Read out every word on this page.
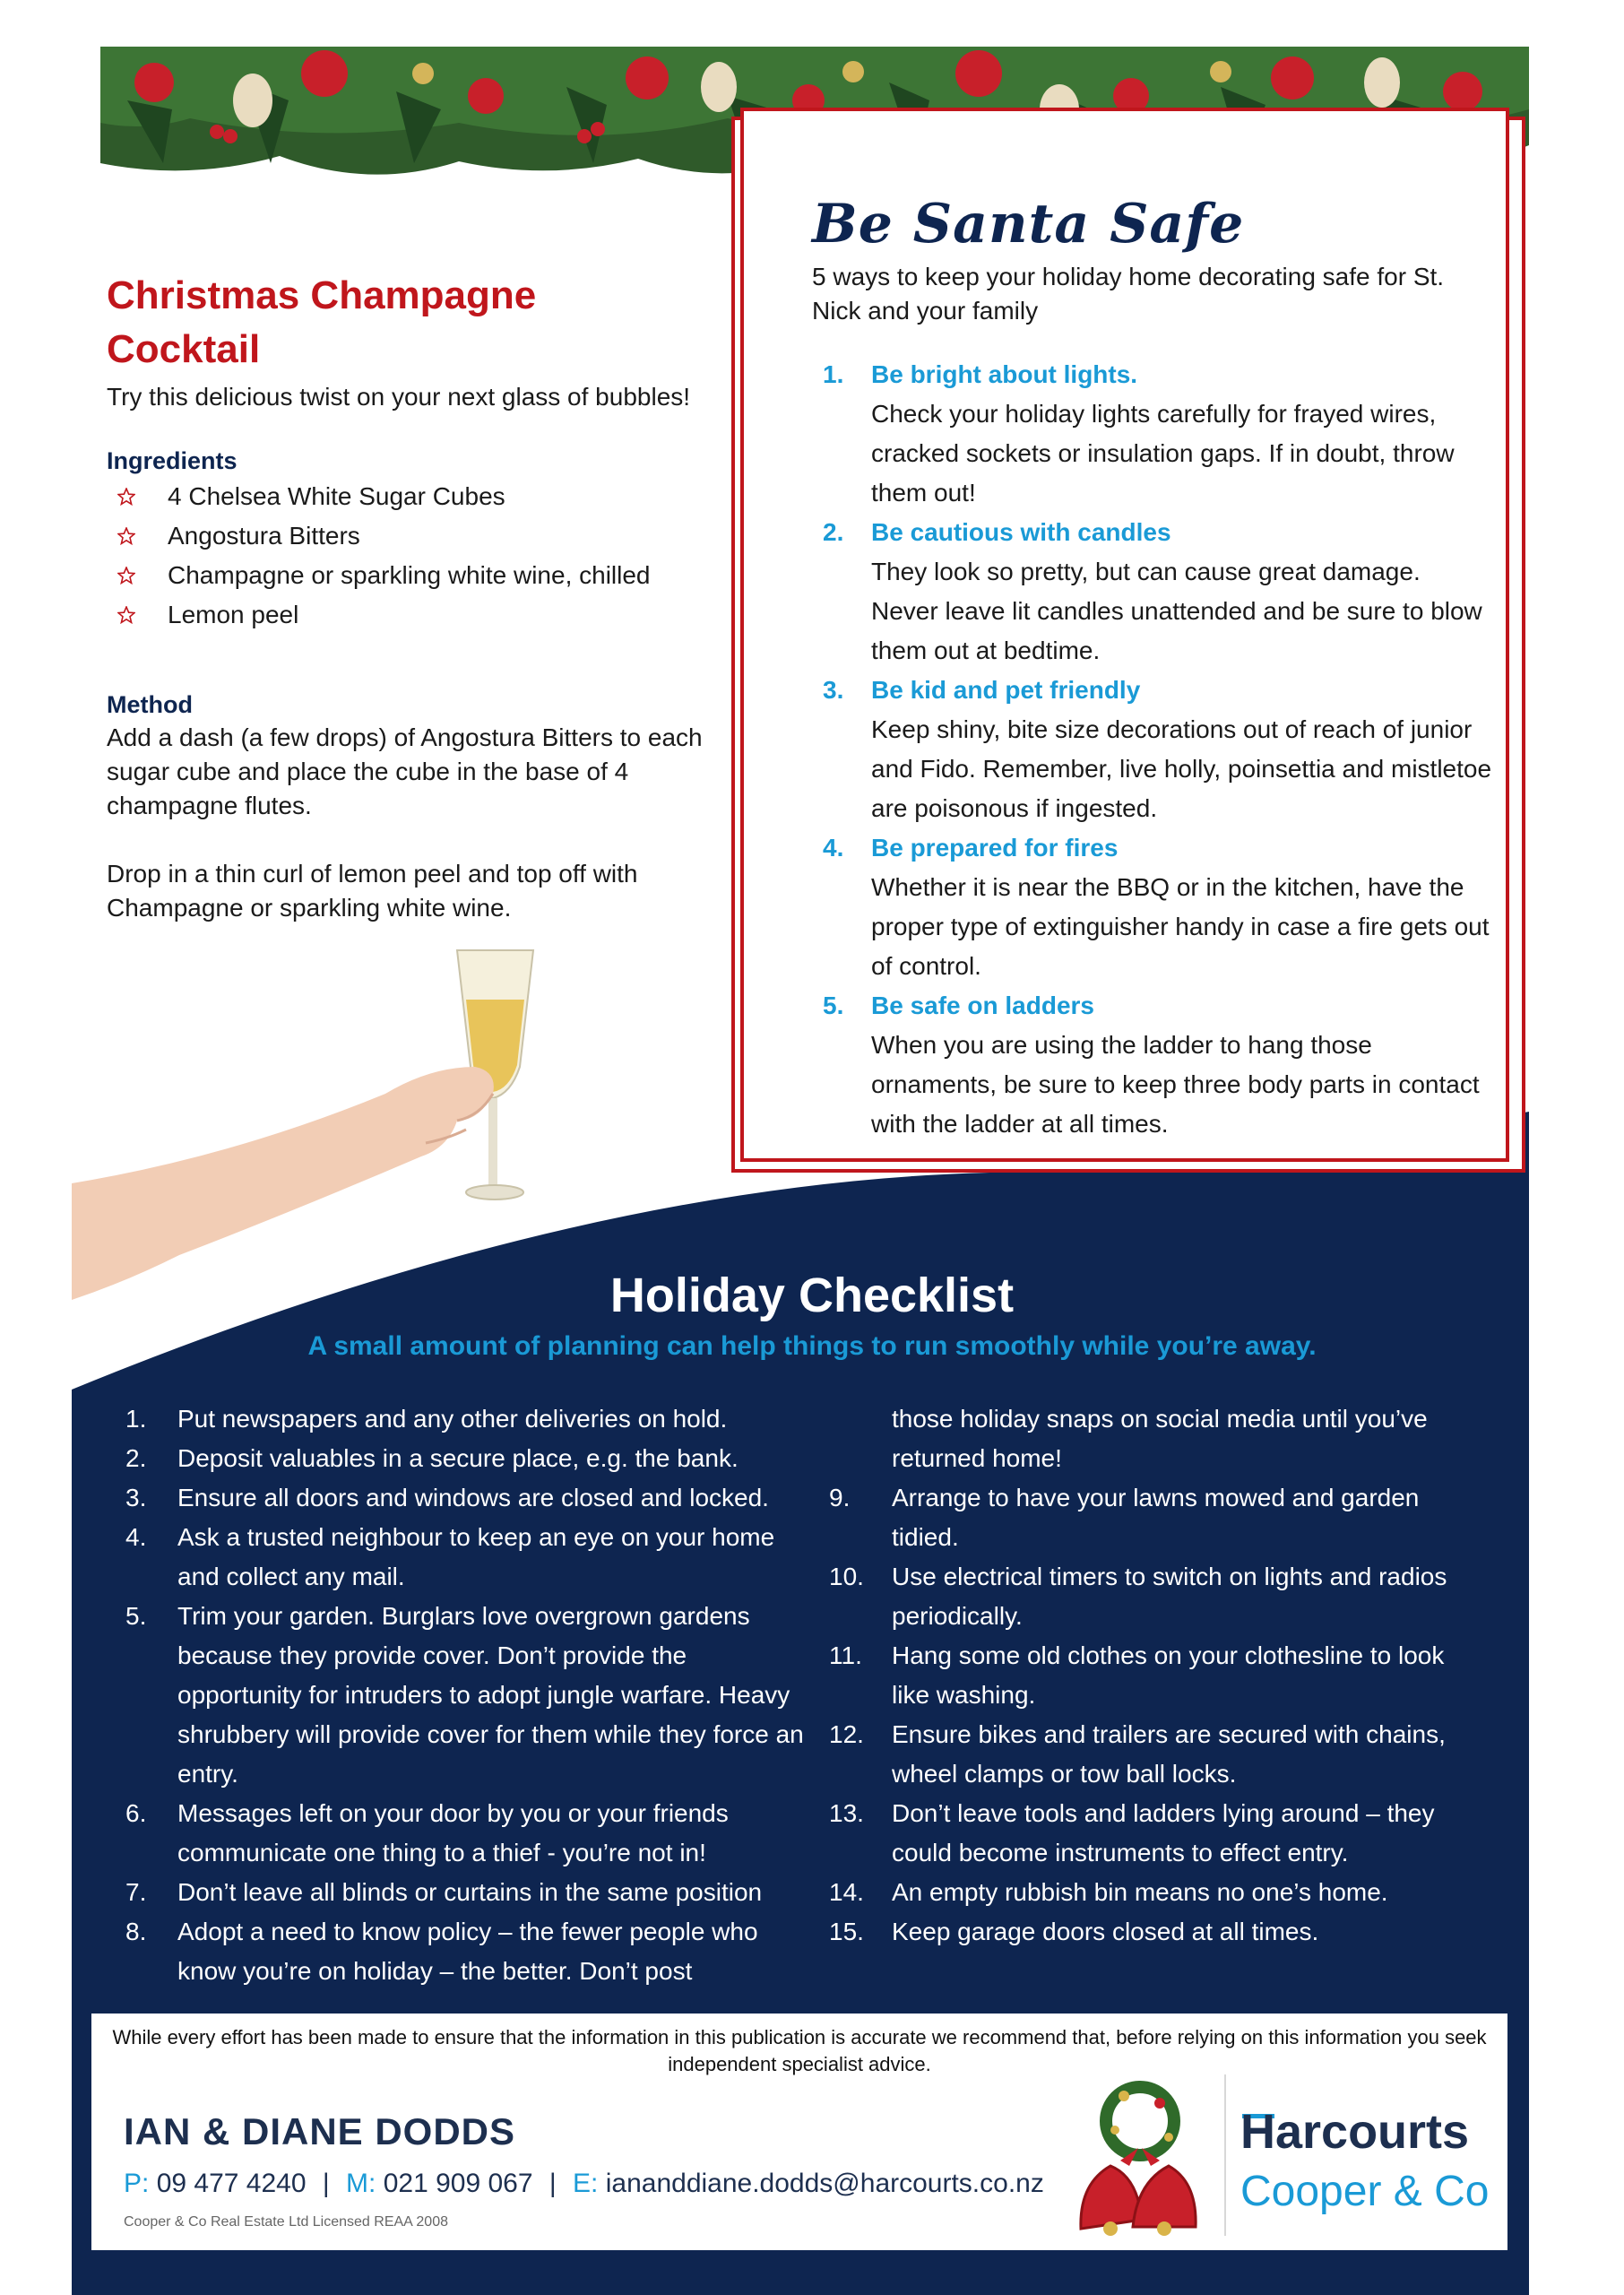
Christmas Champagne
Cocktail

Try this delicious twist on your next glass of bubbles!

Ingredients
4 Chelsea White Sugar Cubes
Angostura Bitters
Champagne or sparkling white wine, chilled
Lemon peel
Method

Add a dash (a few drops) of Angostura Bitters to each sugar cube and place the cube in the base of 4 champagne flutes.

Drop in a thin curl of lemon peel and top off with Champagne or sparkling white wine.

Be Santa Safe

5 ways to keep your holiday home decorating safe for St. Nick and your family

1.	Be bright about lights.
Check your holiday lights carefully for frayed wires, cracked sockets or insulation gaps. If in doubt, throw them out!
2.	Be cautious with candles
They look so pretty, but can cause great damage. Never leave lit candles unattended and be sure to blow them out at bedtime.
3.	Be kid and pet friendly
Keep shiny, bite size decorations out of reach of junior and Fido. Remember, live holly, poinsettia and mistletoe are poisonous if ingested.
4.	Be prepared for fires
Whether it is near the BBQ or in the kitchen, have the proper type of extinguisher handy in case a fire gets out of control.
5.	Be safe on ladders
When you are using the ladder to hang those ornaments, be sure to keep three body parts in contact with the ladder at all times.
Holiday Checklist

A small amount of planning can help things to run smoothly while you’re away.

1.	Put newspapers and any other deliveries on hold.
2.	Deposit valuables in a secure place, e.g. the bank.
3.	Ensure all doors and windows are closed and locked.
4.	Ask a trusted neighbour to keep an eye on your home and collect any mail.
5.	Trim your garden. Burglars love overgrown gardens because they provide cover. Don’t provide the opportunity for intruders to adopt jungle warfare. Heavy shrubbery will provide cover for them while they force an entry.
6.	Messages left on your door by you or your friends communicate one thing to a thief - you’re not in!
7.	Don’t leave all blinds or curtains in the same position
8.	Adopt a need to know policy – the fewer people who know you’re on holiday – the better. Don’t post
those holiday snaps on social media until you’ve returned home!
9.	Arrange to have your lawns mowed and garden tidied.
10.	Use electrical timers to switch on lights and radios periodically.
11.	Hang some old clothes on your clothesline to look like washing.
12.	Ensure bikes and trailers are secured with chains, wheel clamps or tow ball locks.
13.	Don’t leave tools and ladders lying around – they could become instruments to effect entry.
14.	An empty rubbish bin means no one’s home.
15.	Keep garage doors closed at all times.

While every effort has been made to ensure that the information in this publication is accurate we recommend that, before relying on this information you seek independent specialist advice.

IAN & DIANE DODDS

P: 09 477 4240 | M: 021 909 067 | E: iananddiane.dodds@harcourts.co.nz

Cooper & Co Real Estate Ltd Licensed REAA 2008

Harcourts

Cooper & Co
